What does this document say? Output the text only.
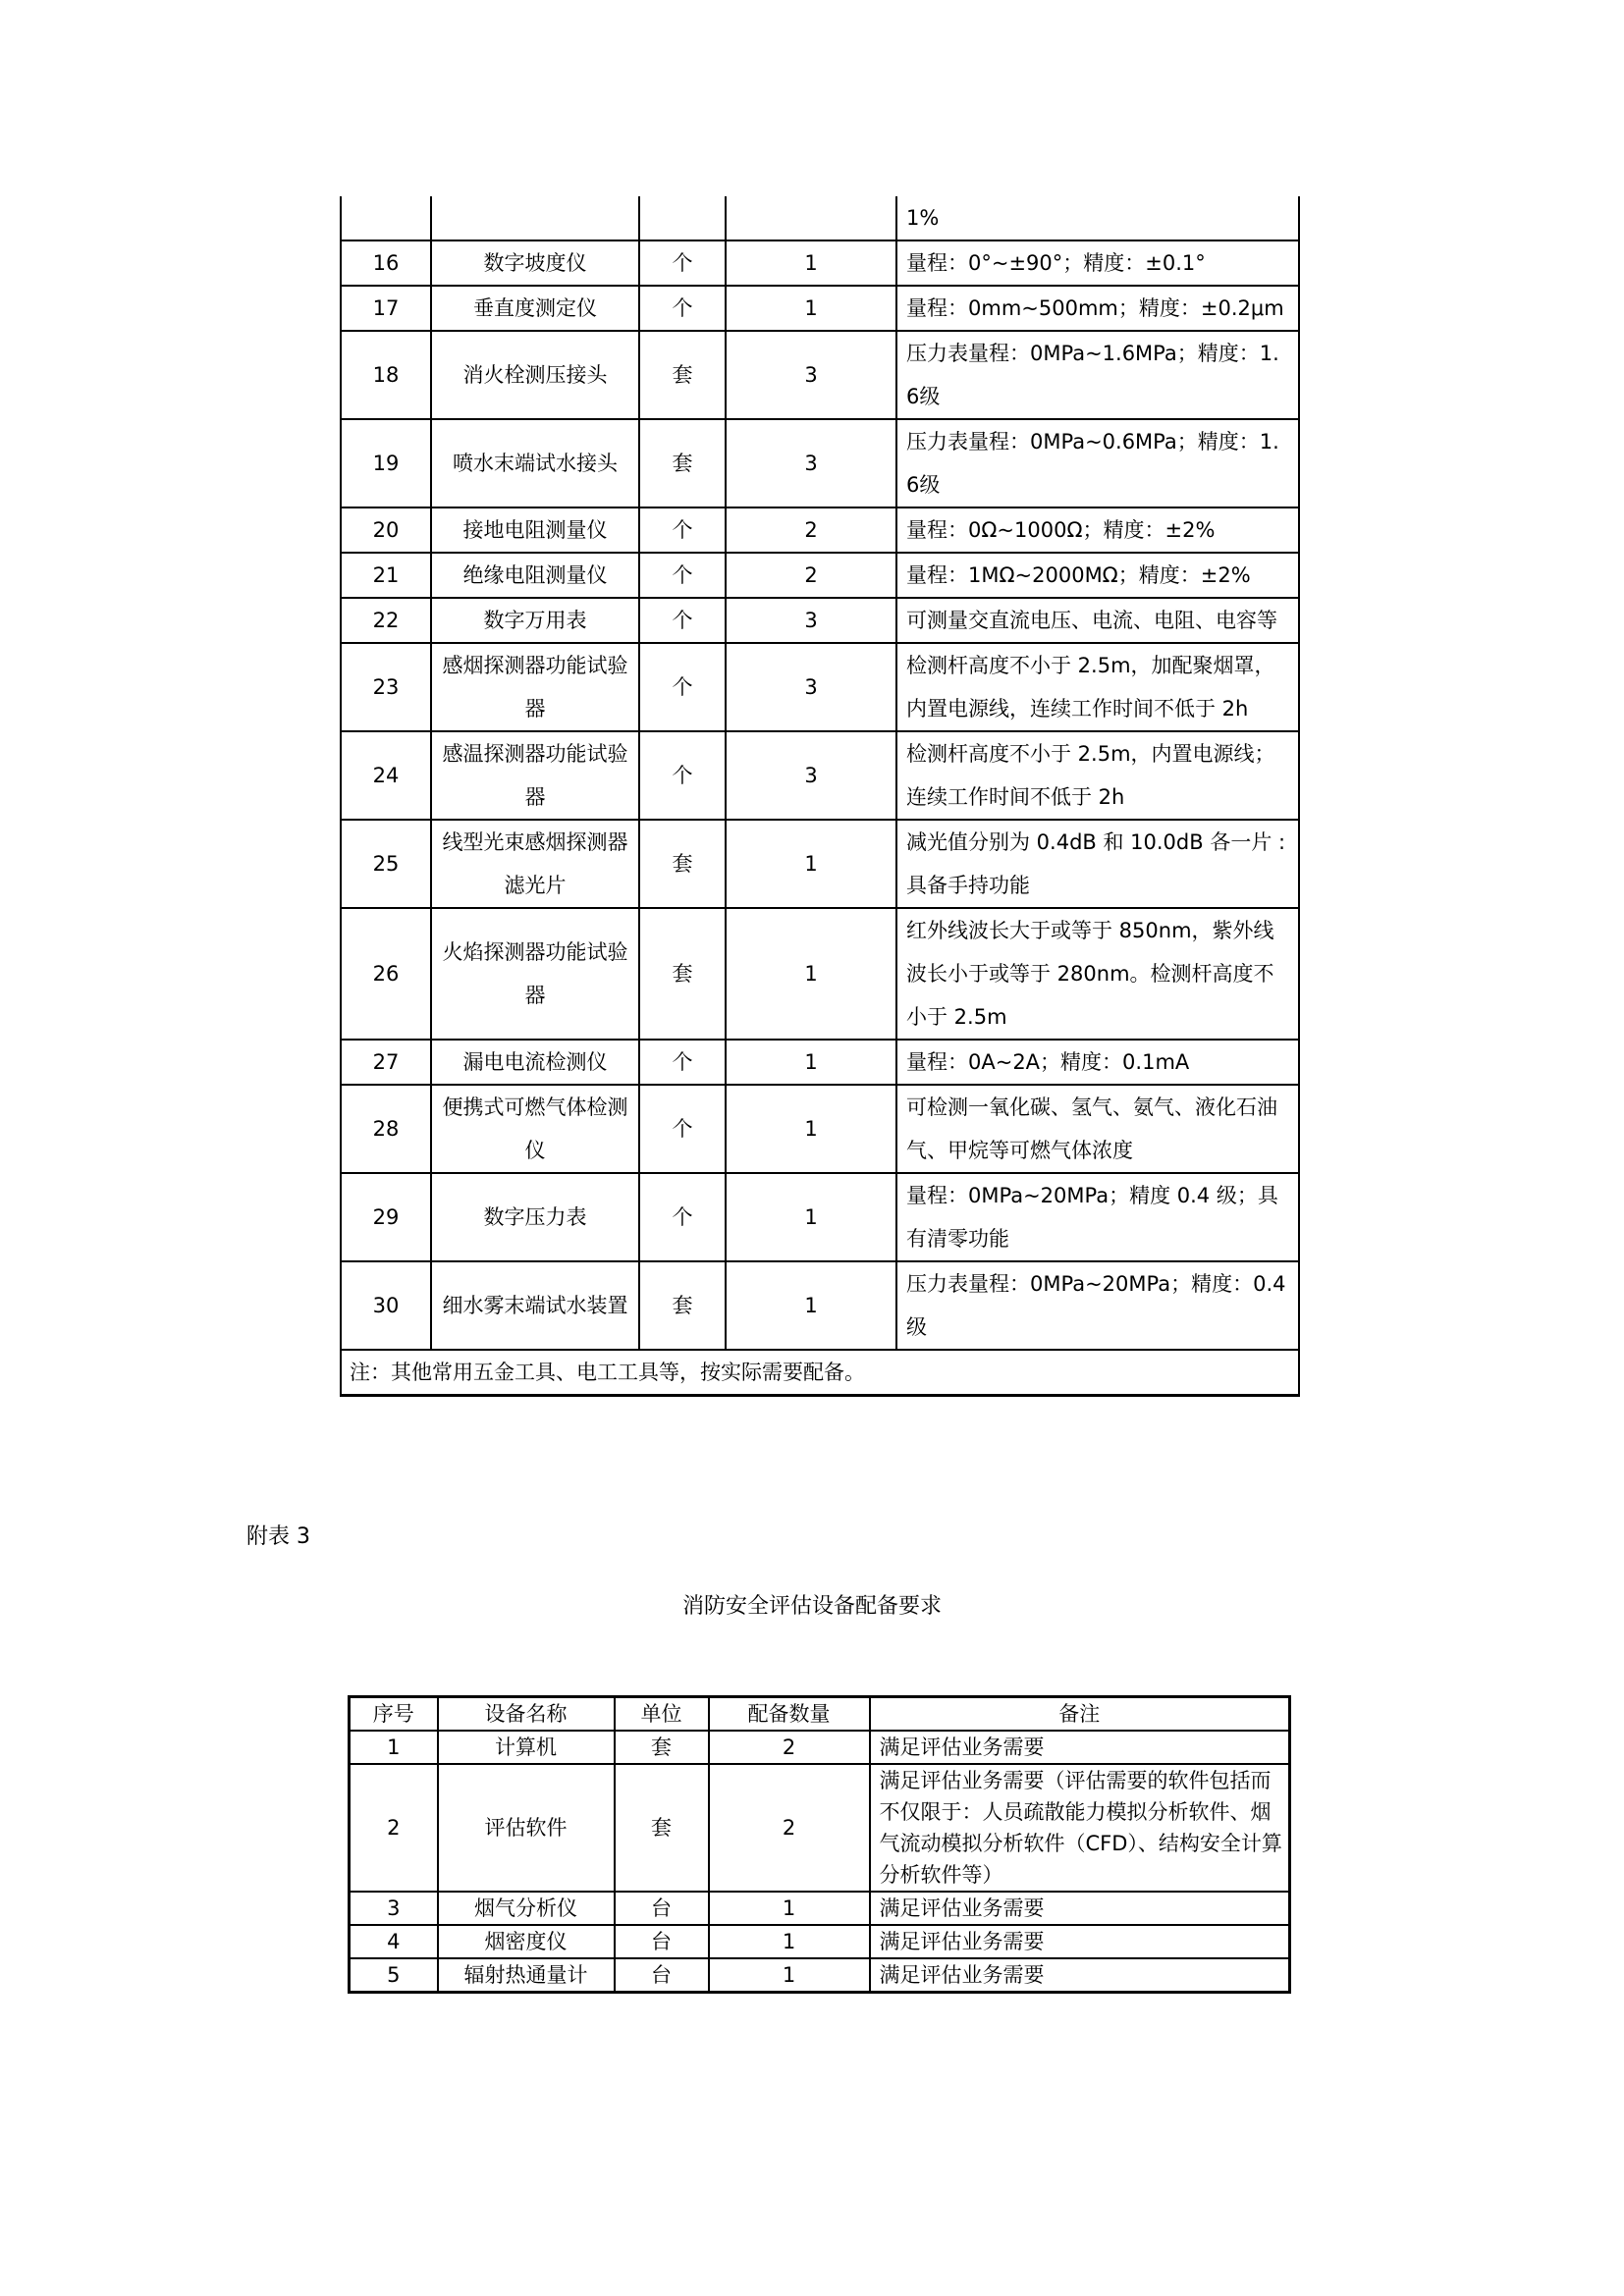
				1%
16	数字坡度仪	个	1	量程：0°~±90°；精度：±0.1°
17	垂直度测定仪	个	1	量程：0mm~500mm；精度：±0.2μm
18	消火栓测压接头	套	3	压力表量程：0MPa~1.6MPa；精度：1.6级
19	喷水末端试水接头	套	3	压力表量程：0MPa~0.6MPa；精度：1.6级
20	接地电阻测量仪	个	2	量程：0Ω~1000Ω；精度：±2%
21	绝缘电阻测量仪	个	2	量程：1MΩ~2000MΩ；精度：±2%
22	数字万用表	个	3	可测量交直流电压、电流、电阻、电容等
23	感烟探测器功能试验器	个	3	检测杆高度不小于 2.5m，加配聚烟罩，内置电源线，连续工作时间不低于 2h
24	感温探测器功能试验器	个	3	检测杆高度不小于 2.5m，内置电源线；连续工作时间不低于 2h
25	线型光束感烟探测器滤光片	套	1	减光值分别为 0.4dB 和 10.0dB 各一片 :具备手持功能
26	火焰探测器功能试验器	套	1	红外线波长大于或等于 850nm，紫外线波长小于或等于 280nm。检测杆高度不小于 2.5m
27	漏电电流检测仪	个	1	量程：0A~2A；精度：0.1mA
28	便携式可燃气体检测仪	个	1	可检测一氧化碳、氢气、氨气、液化石油气、甲烷等可燃气体浓度
29	数字压力表	个	1	量程：0MPa~20MPa；精度 0.4 级；具有清零功能
30	细水雾末端试水装置	套	1	压力表量程：0MPa~20MPa；精度：0.4级
注：其他常用五金工具、电工工具等，按实际需要配备。				
附表 3
消防安全评估设备配备要求
序号	设备名称	单位	配备数量	备注
1	计算机	套	2	满足评估业务需要
2	评估软件	套	2	满足评估业务需要（评估需要的软件包括而不仅限于：人员疏散能力模拟分析软件、烟气流动模拟分析软件（CFD）、结构安全计算分析软件等）
3	烟气分析仪	台	1	满足评估业务需要
4	烟密度仪	台	1	满足评估业务需要
5	辐射热通量计	台	1	满足评估业务需要
